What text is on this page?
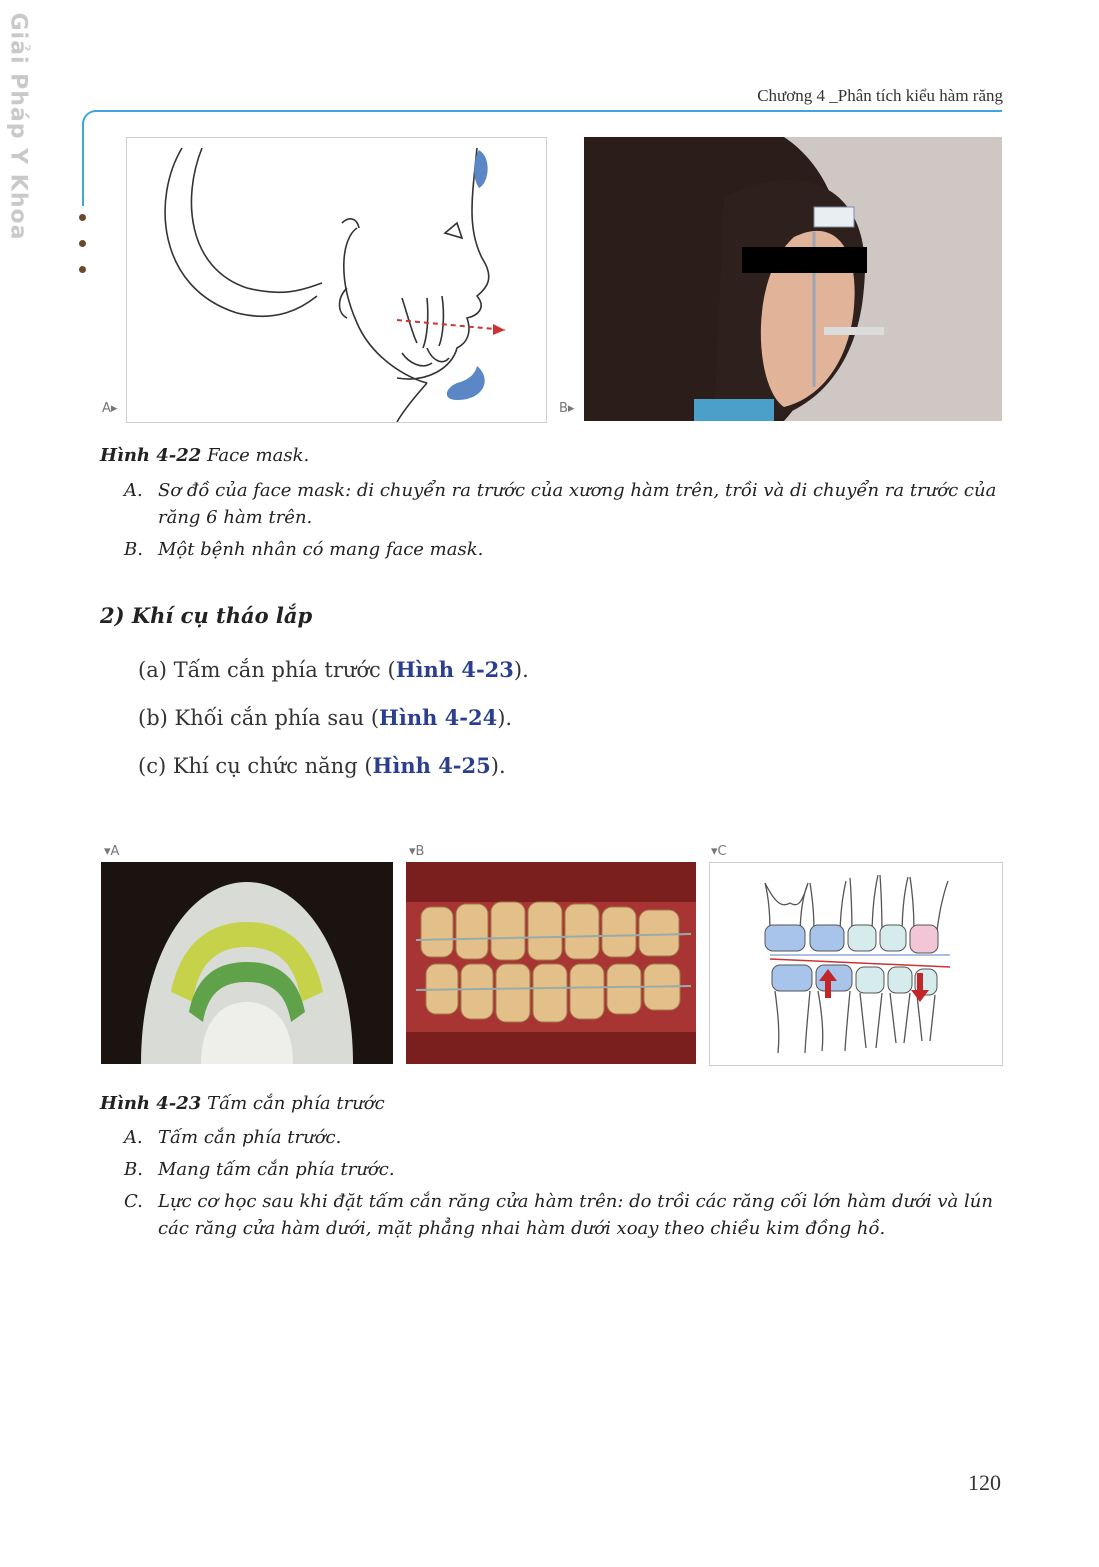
Giải Pháp Y Khoa	Chương 4 _Phân tích kiểu hàm răng
A▸	B▸
Hình 4-22 Face mask.
A. Sơ đồ của face mask: di chuyển ra trước của xương hàm trên, trồi và di chuyển ra trước của răng 6 hàm trên.
B. Một bệnh nhân có mang face mask.
2) Khí cụ tháo lắp
(a) Tấm cắn phía trước (Hình 4-23).
(b) Khối cắn phía sau (Hình 4-24).
(c) Khí cụ chức năng (Hình 4-25).
▾A	▾B	▾C
Hình 4-23 Tấm cắn phía trước
A. Tấm cắn phía trước.
B. Mang tấm cắn phía trước.
C. Lực cơ học sau khi đặt tấm cắn răng cửa hàm trên: do trồi các răng cối lớn hàm dưới và lún các răng cửa hàm dưới, mặt phẳng nhai hàm dưới xoay theo chiều kim đồng hồ.
120
